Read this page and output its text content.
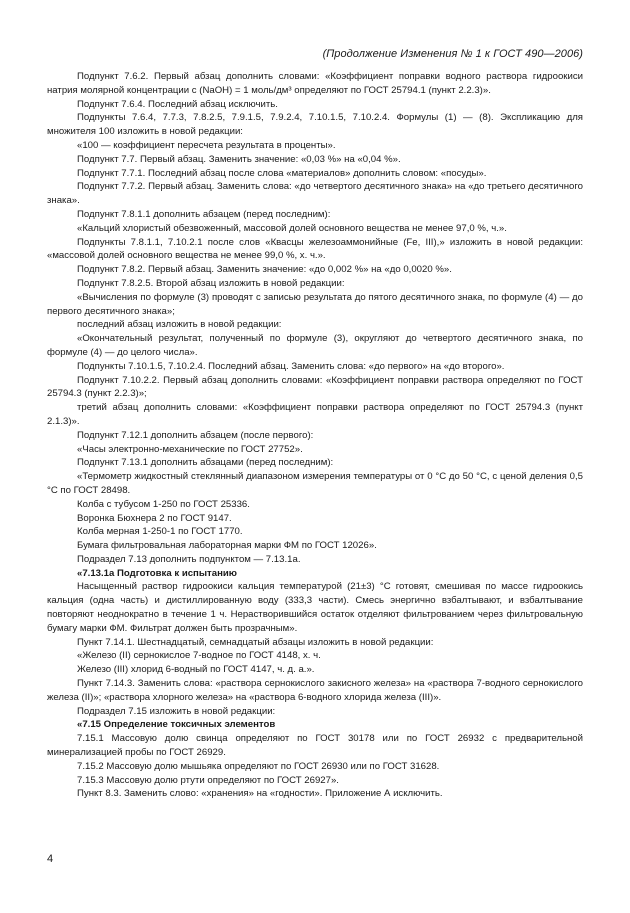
(Продолжение Изменения № 1 к ГОСТ 490—2006)

Подпункт 7.6.2. Первый абзац дополнить словами: «Коэффициент поправки водного раствора гидроокиси натрия молярной концентрации c (NaOH) = 1 моль/дм³ определяют по ГОСТ 25794.1 (пункт 2.2.3)».

Подпункт 7.6.4. Последний абзац исключить.

Подпункты 7.6.4, 7.7.3, 7.8.2.5, 7.9.1.5, 7.9.2.4, 7.10.1.5, 7.10.2.4. Формулы (1) — (8). Экспликацию для множителя 100 изложить в новой редакции:

«100 — коэффициент пересчета результата в проценты».

Подпункт 7.7. Первый абзац. Заменить значение: «0,03 %» на «0,04 %».

Подпункт 7.7.1. Последний абзац после слова «материалов» дополнить словом: «посуды».

Подпункт 7.7.2. Первый абзац. Заменить слова: «до четвертого десятичного знака» на «до третьего десятичного знака».

Подпункт 7.8.1.1 дополнить абзацем (перед последним):

«Кальций хлористый обезвоженный, массовой долей основного вещества не менее 97,0 %, ч.».

Подпункты 7.8.1.1, 7.10.2.1 после слов «Квасцы железоаммонийные (Fe, III),» изложить в новой редакции: «массовой долей основного вещества не менее 99,0 %, х. ч.».

Подпункт 7.8.2. Первый абзац. Заменить значение: «до 0,002 %» на «до 0,0020 %».

Подпункт 7.8.2.5. Второй абзац изложить в новой редакции:

«Вычисления по формуле (3) проводят с записью результата до пятого десятичного знака, по формуле (4) — до первого десятичного знака»;

последний абзац изложить в новой редакции:

«Окончательный результат, полученный по формуле (3), округляют до четвертого десятичного знака, по формуле (4) — до целого числа».

Подпункты 7.10.1.5, 7.10.2.4. Последний абзац. Заменить слова: «до первого» на «до второго».

Подпункт 7.10.2.2. Первый абзац дополнить словами: «Коэффициент поправки раствора определяют по ГОСТ 25794.3 (пункт 2.2.3)»;

третий абзац дополнить словами: «Коэффициент поправки раствора определяют по ГОСТ 25794.3 (пункт 2.1.3)».

Подпункт 7.12.1 дополнить абзацем (после первого):

«Часы электронно-механические по ГОСТ 27752».

Подпункт 7.13.1 дополнить абзацами (перед последним):

«Термометр жидкостный стеклянный диапазоном измерения температуры от 0 °С до 50 °С, с ценой деления 0,5 °С по ГОСТ 28498.

Колба с тубусом 1-250 по ГОСТ 25336.

Воронка Бюхнера 2 по ГОСТ 9147.

Колба мерная 1-250-1 по ГОСТ 1770.

Бумага фильтровальная лабораторная марки ФМ по ГОСТ 12026».

Подраздел 7.13 дополнить подпунктом — 7.13.1а.

«7.13.1а Подготовка к испытанию

Насыщенный раствор гидроокиси кальция температурой (21±3) °С готовят, смешивая по массе гидроокись кальция (одна часть) и дистиллированную воду (333,3 части). Смесь энергично взбалтывают, и взбалтывание повторяют неоднократно в течение 1 ч. Нерастворившийся остаток отделяют фильтрованием через фильтровальную бумагу марки ФМ. Фильтрат должен быть прозрачным».

Пункт 7.14.1. Шестнадцатый, семнадцатый абзацы изложить в новой редакции:

«Железо (II) сернокислое 7-водное по ГОСТ 4148, х. ч.

Железо (III) хлорид 6-водный по ГОСТ 4147, ч. д. а.».

Пункт 7.14.3. Заменить слова: «раствора сернокислого закисного железа» на «раствора 7-водного сернокислого железа (II)»; «раствора хлорного железа» на «раствора 6-водного хлорида железа (III)».

Подраздел 7.15 изложить в новой редакции:

«7.15 Определение токсичных элементов

7.15.1 Массовую долю свинца определяют по ГОСТ 30178 или по ГОСТ 26932 с предварительной минерализацией пробы по ГОСТ 26929.

7.15.2 Массовую долю мышьяка определяют по ГОСТ 26930 или по ГОСТ 31628.

7.15.3 Массовую долю ртути определяют по ГОСТ 26927».

Пункт 8.3. Заменить слово: «хранения» на «годности». Приложение А исключить.

4
